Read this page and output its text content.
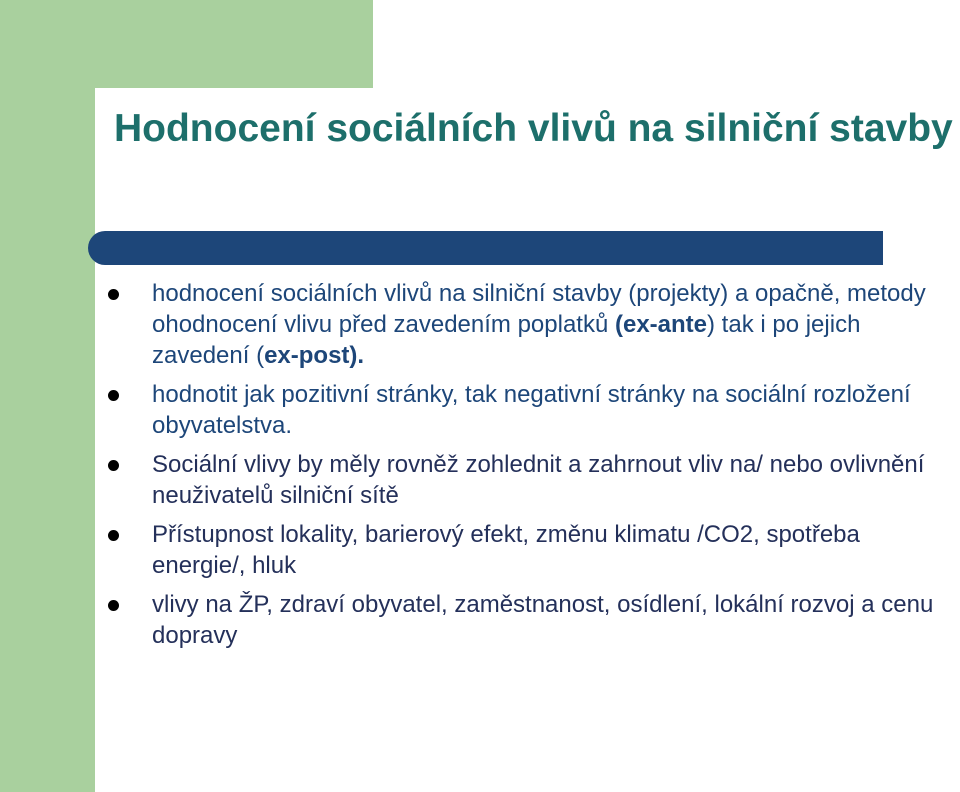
Hodnocení sociálních vlivů na silniční stavby
hodnocení sociálních vlivů na silniční stavby (projekty) a opačně, metody ohodnocení vlivu před zavedením poplatků (ex-ante) tak i po jejich zavedení (ex-post).
hodnotit jak pozitivní stránky, tak negativní stránky na sociální rozložení obyvatelstva.
Sociální vlivy by měly rovněž zohlednit a zahrnout vliv na/ nebo ovlivnění neuživatelů silniční sítě
Přístupnost lokality, barierový efekt, změnu klimatu /CO2, spotřeba energie/, hluk
vlivy na ŽP, zdraví obyvatel, zaměstnanost, osídlení, lokální rozvoj a cenu dopravy
